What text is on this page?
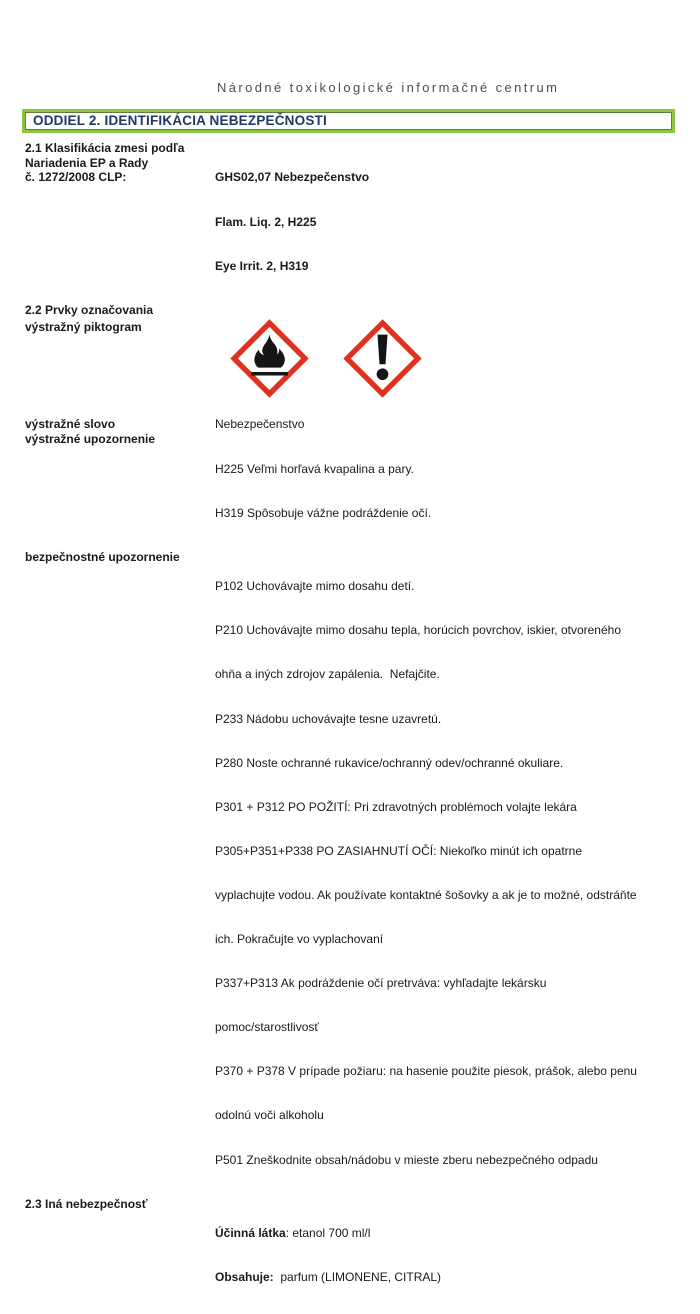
Národné toxikologické informačné centrum
ODDIEL 2. IDENTIFIKÁCIA NEBEZPEČNOSTI
2.1 Klasifikácia zmesi podľa
Nariadenia EP a Rady
č. 1272/2008 CLP:

	GHS02,07 Nebezpečenstvo

Flam. Liq. 2, H225

Eye Irrit. 2, H319

2.2 Prvky označovania
výstražný piktogram
výstražné slovo	Nebezpečenstvo
výstražné upozornenie

H225 Veľmi horľavá kvapalina a pary.

H319 Spôsobuje vážne podráždenie očí.

bezpečnostné upozornenie

P102 Uchovávajte mimo dosahu detí.

P210 Uchovávajte mimo dosahu tepla, horúcich povrchov, iskier, otvoreného

ohňa a iných zdrojov zapálenia.  Nefajčite.

P233 Nádobu uchovávajte tesne uzavretú.

P280 Noste ochranné rukavice/ochranný odev/ochranné okuliare.

P301 + P312 PO POŽITÍ: Pri zdravotných problémoch volajte lekára

P305+P351+P338 PO ZASIAHNUTÍ OČÍ: Niekoľko minút ich opatrne

vyplachujte vodou. Ak používate kontaktné šošovky a ak je to možné, odstráňte

ich. Pokračujte vo vyplachovaní

P337+P313 Ak podráždenie očí pretrváva: vyhľadajte lekársku

pomoc/starostlivosť

P370 + P378 V prípade požiaru: na hasenie použite piesok, prášok, alebo penu

odolnú voči alkoholu

P501 Zneškodnite obsah/nádobu v mieste zberu nebezpečného odpadu

2.3 Iná nebezpečnosť

Účinná látka: etanol 700 ml/l

Obsahuje:  parfum (LIMONENE, CITRAL)
